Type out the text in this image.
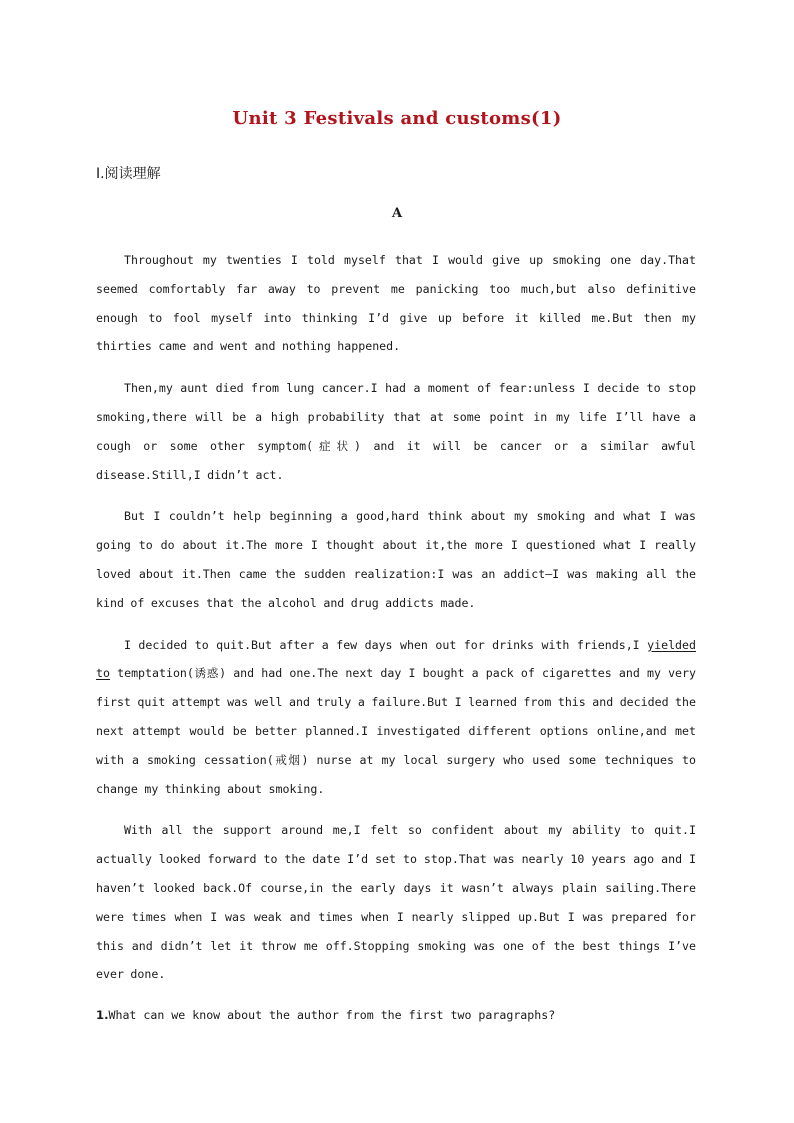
Unit 3 Festivals and customs(1)
Ⅰ.阅读理解
A

Throughout my twenties I told myself that I would give up smoking one day.That seemed comfortably far away to prevent me panicking too much,but also definitive enough to fool myself into thinking I’d give up before it killed me.But then my thirties came and went and nothing happened.

Then,my aunt died from lung cancer.I had a moment of fear:unless I decide to stop smoking,there will be a high probability that at some point in my life I’ll have a cough or some other symptom(症状) and it will be cancer or a similar awful disease.Still,I didn’t act.

But I couldn’t help beginning a good,hard think about my smoking and what I was going to do about it.The more I thought about it,the more I questioned what I really loved about it.Then came the sudden realization:I was an addict—I was making all the kind of excuses that the alcohol and drug addicts made.

I decided to quit.But after a few days when out for drinks with friends,I yielded to temptation(诱惑) and had one.The next day I bought a pack of cigarettes and my very first quit attempt was well and truly a failure.But I learned from this and decided the next attempt would be better planned.I investigated different options online,and met with a smoking cessation(戒烟) nurse at my local surgery who used some techniques to change my thinking about smoking.

With all the support around me,I felt so confident about my ability to quit.I actually looked forward to the date I’d set to stop.That was nearly 10 years ago and I haven’t looked back.Of course,in the early days it wasn’t always plain sailing.There were times when I was weak and times when I nearly slipped up.But I was prepared for this and didn’t let it throw me off.Stopping smoking was one of the best things I’ve ever done.

1.What can we know about the author from the first two paragraphs?
